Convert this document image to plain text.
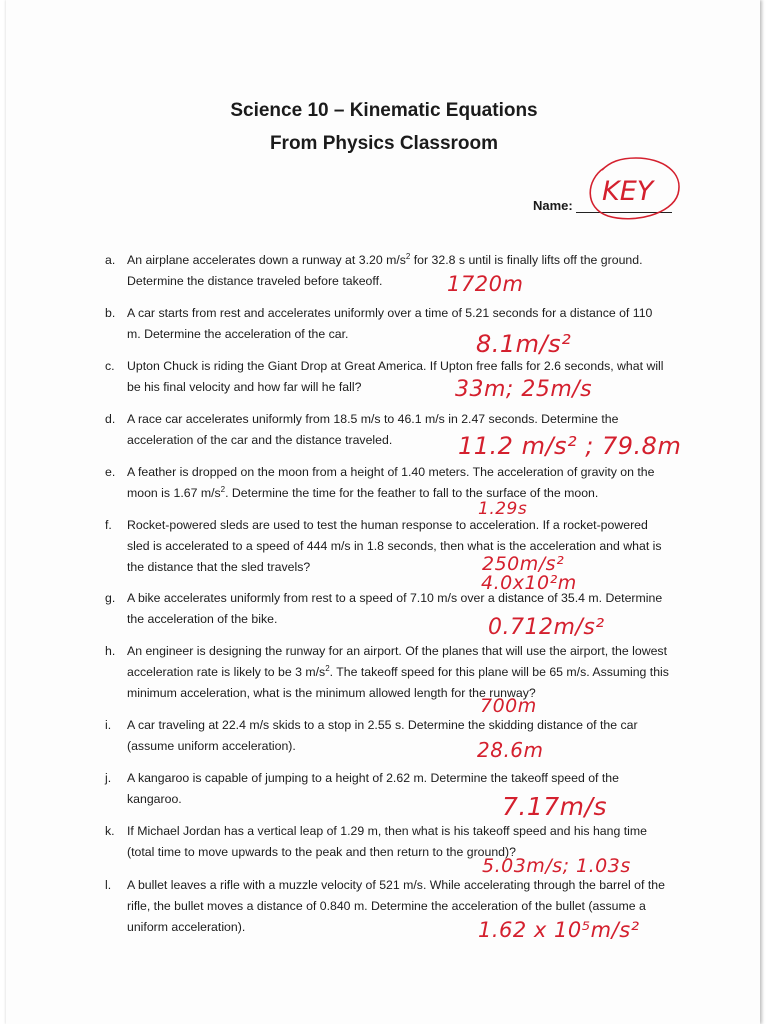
Science 10 – Kinematic Equations
From Physics Classroom
Name: KEY
a. An airplane accelerates down a runway at 3.20 $m/s^2$ for 32.8 s until is finally lifts off the ground. Determine the distance traveled before takeoff.	1720m
b. A car starts from rest and accelerates uniformly over a time of 5.21 seconds for a distance of 110 m. Determine the acceleration of the car.	8.1m/s²
c. Upton Chuck is riding the Giant Drop at Great America. If Upton free falls for 2.6 seconds, what will be his final velocity and how far will he fall?	33m; 25m/s
d. A race car accelerates uniformly from 18.5 m/s to 46.1 m/s in 2.47 seconds. Determine the acceleration of the car and the distance traveled.	11.2 m/s² ; 79.8m
e. A feather is dropped on the moon from a height of 1.40 meters. The acceleration of gravity on the moon is 1.67 $m/s^2$. Determine the time for the feather to fall to the surface of the moon.
1.29s
f. Rocket-powered sleds are used to test the human response to acceleration. If a rocket-powered sled is accelerated to a speed of 444 m/s in 1.8 seconds, then what is the acceleration and what is the distance that the sled travels?	250m/s²
4.0x10²m
g. A bike accelerates uniformly from rest to a speed of 7.10 m/s over a distance of 35.4 m. Determine the acceleration of the bike.	0.712m/s²
h. An engineer is designing the runway for an airport. Of the planes that will use the airport, the lowest acceleration rate is likely to be 3 $m/s^2$. The takeoff speed for this plane will be 65 m/s. Assuming this minimum acceleration, what is the minimum allowed length for the runway?
700m
i. A car traveling at 22.4 m/s skids to a stop in 2.55 s. Determine the skidding distance of the car (assume uniform acceleration).	28.6m
j. A kangaroo is capable of jumping to a height of 2.62 m. Determine the takeoff speed of the kangaroo.	7.17m/s
k. If Michael Jordan has a vertical leap of 1.29 m, then what is his takeoff speed and his hang time (total time to move upwards to the peak and then return to the ground)?
5.03m/s; 1.03s
l. A bullet leaves a rifle with a muzzle velocity of 521 m/s. While accelerating through the barrel of the rifle, the bullet moves a distance of 0.840 m. Determine the acceleration of the bullet (assume a uniform acceleration).	1.62 x 10⁵m/s²
